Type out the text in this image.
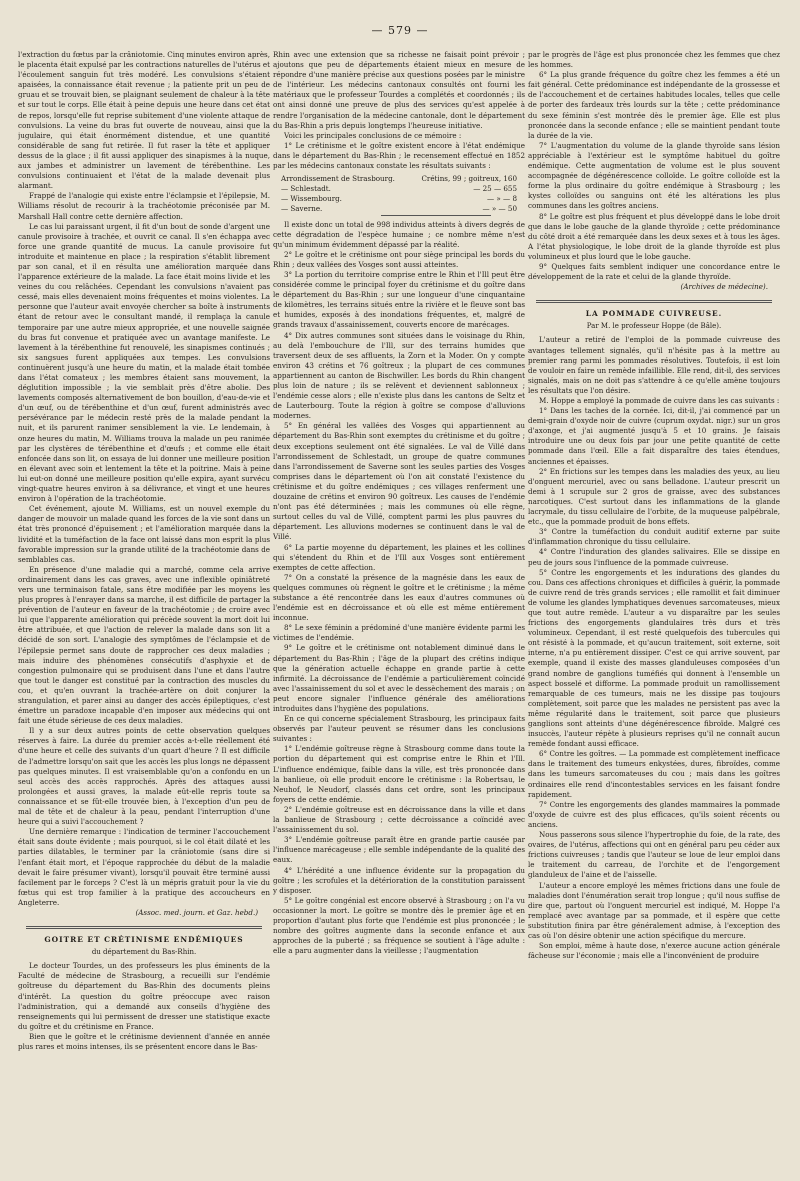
— 579 —

l'extraction du fœtus par la crâniotomie. Cinq minutes environ après, le placenta était expulsé par les contractions naturelles de l'utérus et l'écoulement sanguin fut très modéré. Les convulsions s'étaient apaisées, la connaissance était revenue ; la patiente prit un peu de gruau et se trouvait bien, se plaignant seulement de chaleur à la tête et sur tout le corps. Elle était à peine depuis une heure dans cet état de repos, lorsqu'elle fut reprise subitement d'une violente attaque de convulsions. La veine du bras fut ouverte de nouveau, ainsi que la jugulaire, qui était énormément distendue, et une quantité considérable de sang fut retirée. Il fut raser la tête et appliquer dessus de la glace ; il fit aussi appliquer des sinapismes à la nuque, aux jambes et administrer un lavement de térébenthine. Les convulsions continuaient et l'état de la malade devenait plus alarmant.

Frappé de l'analogie qui existe entre l'éclampsie et l'épilepsie, M. Williams résolut de recourir à la trachéotomie préconisée par M. Marshall Hall contre cette dernière affection.

Le cas lui paraissant urgent, il fit d'un bout de sonde d'argent une canule provisoire à trachée, et ouvrit ce canal. Il s'en échappa avec force une grande quantité de mucus. La canule provisoire fut introduite et maintenue en place ; la respiration s'établit librement par son canal, et il en résulta une amélioration marquée dans l'apparence extérieure de la malade. La face était moins livide et les veines du cou relâchées. Cependant les convulsions n'avaient pas cessé, mais elles devenaient moins fréquentes et moins violentes. La personne que l'auteur avait envoyée chercher sa boîte à instruments étant de retour avec le consultant mandé, il remplaça la canule temporaire par une autre mieux appropriée, et une nouvelle saignée du bras fut convenue et pratiquée avec un avantage manifeste. Le lavement à la térébenthine fut renouvelé, les sinapismes continués ; six sangsues furent appliquées aux tempes. Les convulsions continuèrent jusqu'à une heure du matin, et la malade était tombée dans l'état comateux ; les membres étaient sans mouvement, la déglutition impossible ; la vie semblait près d'être abolie. Des lavements composés alternativement de bon bouillon, d'eau-de-vie et d'un œuf, ou de térébenthine et d'un œuf, furent administrés avec persévérance par le médecin resté près de la malade pendant la nuit, et ils parurent ranimer sensiblement la vie. Le lendemain, à onze heures du matin, M. Williams trouva la malade un peu ranimée par les clystères de térébenthine et d'œufs ; et comme elle était enfoncée dans son lit, on essaya de lui donner une meilleure position en élevant avec soin et lentement la tête et la poitrine. Mais à peine lui eut-on donné une meilleure position qu'elle expira, ayant survécu vingt-quatre heures environ à sa délivrance, et vingt et une heures environ à l'opération de la trachéotomie.

Cet événement, ajoute M. Williams, est un nouvel exemple du danger de mouvoir un malade quand les forces de la vie sont dans un état très prononcé d'épuisement ; et l'amélioration marquée dans la lividité et la tuméfaction de la face ont laissé dans mon esprit la plus favorable impression sur la grande utilité de la trachéotomie dans de semblables cas.

En présence d'une maladie qui a marché, comme cela arrive ordinairement dans les cas graves, avec une inflexible opiniâtreté vers une terminaison fatale, sans être modifiée par les moyens les plus propres à l'enrayer dans sa marche, il est difficile de partager la prévention de l'auteur en faveur de la trachéotomie ; de croire avec lui que l'apparente amélioration qui précède souvent la mort doit lui être attribuée, et que l'action de relever la malade dans son lit a décidé de son sort. L'analogie des symptômes de l'éclampsie et de l'épilepsie permet sans doute de rapprocher ces deux maladies ; mais induire des phénomènes consécutifs d'asphyxie et de congestion pulmonaire qui se produisent dans l'une et dans l'autre que tout le danger est constitué par la contraction des muscles du cou, et qu'en ouvrant la trachée-artère on doit conjurer la strangulation, et parer ainsi au danger des accès épileptiques, c'est émettre un paradoxe incapable d'en imposer aux médecins qui ont fait une étude sérieuse de ces deux maladies.

Il y a sur deux autres points de cette observation quelques réserves à faire. La durée du premier accès a-t-elle réellement été d'une heure et celle des suivants d'un quart d'heure ? Il est difficile de l'admettre lorsqu'on sait que les accès les plus longs ne dépassent pas quelques minutes. Il est vraisemblable qu'on a confondu en un seul accès des accès rapprochés. Après des attaques aussi prolongées et aussi graves, la malade eût-elle repris toute sa connaissance et se fût-elle trouvée bien, à l'exception d'un peu de mal de tête et de chaleur à la peau, pendant l'interruption d'une heure qui a suivi l'accouchement ?

Une dernière remarque : l'indication de terminer l'accouchement était sans doute évidente ; mais pourquoi, si le col était dilaté et les parties dilatables, le terminer par la crâniotomie (sans dire si l'enfant était mort, et l'époque rapprochée du début de la maladie devait le faire présumer vivant), lorsqu'il pouvait être terminé aussi facilement par le forceps ? C'est là un mépris gratuit pour la vie du fœtus qui est trop familier à la pratique des accoucheurs en Angleterre.

(Assoc. med. journ. et Gaz. hebd.)
GOITRE ET CRÉTINISME ENDÉMIQUES
du département du Bas-Rhin.

Le docteur Tourdes, un des professeurs les plus éminents de la Faculté de médecine de Strasbourg, a recueilli sur l'endémie goîtreuse du département du Bas-Rhin des documents pleins d'intérêt. La question du goître préoccupe avec raison l'administration, qui a demandé aux conseils d'hygiène des renseignements qui lui permissent de dresser une statistique exacte du goître et du crétinisme en France.

Bien que le goître et le crétinisme deviennent d'année en année plus rares et moins intenses, ils se présentent encore dans le Bas-

Rhin avec une extension que sa richesse ne faisait point prévoir ; ajoutons que peu de départements étaient mieux en mesure de répondre d'une manière précise aux questions posées par le ministre de l'intérieur. Les médecins cantonaux consultés ont fourni les matériaux que le professeur Tourdes a complétés et coordonnés ; ils ont ainsi donné une preuve de plus des services qu'est appelée à rendre l'organisation de la médecine cantonale, dont le département du Bas-Rhin a pris depuis longtemps l'heureuse initiative.

Voici les principales conclusions de ce mémoire :

1° Le crétinisme et le goître existent encore à l'état endémique dans le département du Bas-Rhin ; le recensement effectué en 1852 par les médecins cantonaux constate les résultats suivants :

Arrondissement de Strasbourg.	Crétins, 99 ; goitreux, 160
— Schlestadt.	— 25 — 655
— Wissembourg.	— » — 8
— Saverne.	— » — 50

Il existe donc un total de 998 individus atteints à divers degrés de cette dégradation de l'espèce humaine ; ce nombre même n'est qu'un minimum évidemment dépassé par la réalité.

2° Le goître et le crétinisme ont pour siège principal les bords du Rhin ; deux vallées des Vosges sont aussi atteintes.

3° La portion du territoire comprise entre le Rhin et l'Ill peut être considérée comme le principal foyer du crétinisme et du goître dans le département du Bas-Rhin ; sur une longueur d'une cinquantaine de kilomètres, les terrains situés entre la rivière et le fleuve sont bas et humides, exposés à des inondations fréquentes, et, malgré de grands travaux d'assainissement, couverts encore de marécages.

4° Dix autres communes sont situées dans le voisinage du Rhin, au delà l'embouchure de l'Ill, sur des terrains humides que traversent deux de ses affluents, la Zorn et la Moder. On y compte environ 43 crétins et 76 goîtreux ; la plupart de ces communes appartiennent au canton de Bischwiller. Les bords du Rhin changent plus loin de nature ; ils se relèvent et deviennent sablonneux ; l'endémie cesse alors ; elle n'existe plus dans les cantons de Seltz et de Lauterbourg. Toute la région à goître se compose d'alluvions modernes.

5° En général les vallées des Vosges qui appartiennent au département du Bas-Rhin sont exemptes du crétinisme et du goître ; deux exceptions seulement ont été signalées. Le val de Villé dans l'arrondissement de Schlestadt, un groupe de quatre communes dans l'arrondissement de Saverne sont les seules parties des Vosges comprises dans le département où l'on ait constaté l'existence du crétinisme et du goître endémiques ; ces villages renferment une douzaine de crétins et environ 90 goîtreux. Les causes de l'endémie n'ont pas été déterminées ; mais les communes où elle règne, surtout celles du val de Villé, comptent parmi les plus pauvres du département. Les alluvions modernes se continuent dans le val de Villé.

6° La partie moyenne du département, les plaines et les collines qui s'étendent du Rhin et de l'Ill aux Vosges sont entièrement exemptes de cette affection.

7° On a constaté la présence de la magnésie dans les eaux de quelques communes où règnent le goître et le crétinisme ; la même substance a été rencontrée dans les eaux d'autres communes où l'endémie est en décroissance et où elle est même entièrement inconnue.

8° Le sexe féminin a prédominé d'une manière évidente parmi les victimes de l'endémie.

9° Le goître et le crétinisme ont notablement diminué dans le département du Bas-Rhin ; l'âge de la plupart des crétins indique que la génération actuelle échappe en grande partie à cette infirmité. La décroissance de l'endémie a particulièrement coïncidé avec l'assainissement du sol et avec le dessèchement des marais ; on peut encore signaler l'influence générale des améliorations introduites dans l'hygiène des populations.

En ce qui concerne spécialement Strasbourg, les principaux faits observés par l'auteur peuvent se résumer dans les conclusions suivantes :

1° L'endémie goîtreuse règne à Strasbourg comme dans toute la portion du département qui est comprise entre le Rhin et l'Ill. L'influence endémique, faible dans la ville, est très prononcée dans la banlieue, où elle produit encore le crétinisme : la Robertsau, le Neuhof, le Neudorf, classés dans cet ordre, sont les principaux foyers de cette endémie.

2° L'endémie goîtreuse est en décroissance dans la ville et dans la banlieue de Strasbourg ; cette décroissance a coïncidé avec l'assainissement du sol.

3° L'endémie goîtreuse paraît être en grande partie causée par l'influence marécageuse ; elle semble indépendante de la qualité des eaux.

4° L'hérédité a une influence évidente sur la propagation du goître ; les scrofules et la détérioration de la constitution paraissent y disposer.

5° Le goître congénial est encore observé à Strasbourg ; on l'a vu occasionner la mort. Le goître se montre dès le premier âge et en proportion d'autant plus forte que l'endémie est plus prononcée ; le nombre des goîtres augmente dans la seconde enfance et aux approches de la puberté ; sa fréquence se soutient à l'âge adulte : elle a paru augmenter dans la vieillesse ; l'augmentation

par le progrès de l'âge est plus prononcée chez les femmes que chez les hommes.

6° La plus grande fréquence du goître chez les femmes a été un fait général. Cette prédominance est indépendante de la grossesse et de l'accouchement et de certaines habitudes locales, telles que celle de porter des fardeaux très lourds sur la tête ; cette prédominance du sexe féminin s'est montrée dès le premier âge. Elle est plus prononcée dans la seconde enfance ; elle se maintient pendant toute la durée de la vie.

7° L'augmentation du volume de la glande thyroïde sans lésion appréciable à l'extérieur est le symptôme habituel du goître endémique. Cette augmentation de volume est le plus souvent accompagnée de dégénérescence colloïde. Le goître colloïde est la forme la plus ordinaire du goître endémique à Strasbourg ; les kystes colloïdes ou sanguins ont été les altérations les plus communes dans les goîtres anciens.

8° Le goître est plus fréquent et plus développé dans le lobe droit que dans le lobe gauche de la glande thyroïde ; cette prédominance du côté droit a été remarquée dans les deux sexes et à tous les âges. A l'état physiologique, le lobe droit de la glande thyroïde est plus volumineux et plus lourd que le lobe gauche.

9° Quelques faits semblent indiquer une concordance entre le développement de la rate et celui de la glande thyroïde.

(Archives de médecine).
LA POMMADE CUIVREUSE.
Par M. le professeur Hoppe (de Bâle).

L'auteur a retiré de l'emploi de la pommade cuivreuse des avantages tellement signalés, qu'il n'hésite pas à la mettre au premier rang parmi les pommades résolutives. Toutefois, il est loin de vouloir en faire un remède infaillible. Elle rend, dit-il, des services signalés, mais on ne doit pas s'attendre à ce qu'elle amène toujours les résultats que l'on désire.

M. Hoppe a employé la pommade de cuivre dans les cas suivants :

1° Dans les taches de la cornée. Ici, dit-il, j'ai commencé par un demi-grain d'oxyde noir de cuivre (cuprum oxydat. nigr.) sur un gros d'axonge, et j'ai augmenté jusqu'à 5 et 10 grains. Je faisais introduire une ou deux fois par jour une petite quantité de cette pommade dans l'œil. Elle a fait disparaître des taies étendues, anciennes et épaisses.

2° En frictions sur les tempes dans les maladies des yeux, au lieu d'onguent mercuriel, avec ou sans belladone. L'auteur prescrit un demi à 1 scrupule sur 2 gros de graisse, avec des substances narcotiques. C'est surtout dans les inflammations de la glande lacrymale, du tissu cellulaire de l'orbite, de la muqueuse palpébrale, etc., que la pommade produit de bons effets.

3° Contre la tuméfaction du conduit auditif externe par suite d'inflammation chronique du tissu cellulaire.

4° Contre l'induration des glandes salivaires. Elle se dissipe en peu de jours sous l'influence de la pommade cuivreuse.

5° Contre les engorgements et les indurations des glandes du cou. Dans ces affections chroniques et difficiles à guérir, la pommade de cuivre rend de très grands services ; elle ramollit et fait diminuer de volume les glandes lymphatiques devenues sarcomateuses, mieux que tout autre remède. L'auteur a vu disparaître par les seules frictions des engorgements glandulaires très durs et très volumineux. Cependant, il est resté quelquefois des tubercules qui ont résisté à la pommade, et qu'aucun traitement, soit externe, soit interne, n'a pu entièrement dissiper. C'est ce qui arrive souvent, par exemple, quand il existe des masses glanduleuses composées d'un grand nombre de ganglions tuméfiés qui donnent à l'ensemble un aspect bosselé et difforme. La pommade produit un ramollissement remarquable de ces tumeurs, mais ne les dissipe pas toujours complètement, soit parce que les malades ne persistent pas avec la même régularité dans le traitement, soit parce que plusieurs ganglions sont atteints d'une dégénérescence fibroïde. Malgré ces insuccès, l'auteur répète à plusieurs reprises qu'il ne connaît aucun remède fondant aussi efficace.

6° Contre les goîtres. — La pommade est complètement inefficace dans le traitement des tumeurs enkystées, dures, fibroïdes, comme dans les tumeurs sarcomateuses du cou ; mais dans les goîtres ordinaires elle rend d'incontestables services en les faisant fondre rapidement.

7° Contre les engorgements des glandes mammaires la pommade d'oxyde de cuivre est des plus efficaces, qu'ils soient récents ou anciens.

Nous passerons sous silence l'hypertrophie du foie, de la rate, des ovaires, de l'utérus, affections qui ont en général paru peu céder aux frictions cuivreuses ; tandis que l'auteur se loue de leur emploi dans le traitement du carreau, de l'orchite et de l'engorgement glanduleux de l'aine et de l'aisselle.

L'auteur a encore employé les mêmes frictions dans une foule de maladies dont l'énumération serait trop longue ; qu'il nous suffise de dire que, partout où l'onguent mercuriel est indiqué, M. Hoppe l'a remplacé avec avantage par sa pommade, et il espère que cette substitution finira par être généralement admise, à l'exception des cas où l'on désire obtenir une action spécifique du mercure.

Son emploi, même à haute dose, n'exerce aucune action générale fâcheuse sur l'économie ; mais elle a l'inconvénient de produire
